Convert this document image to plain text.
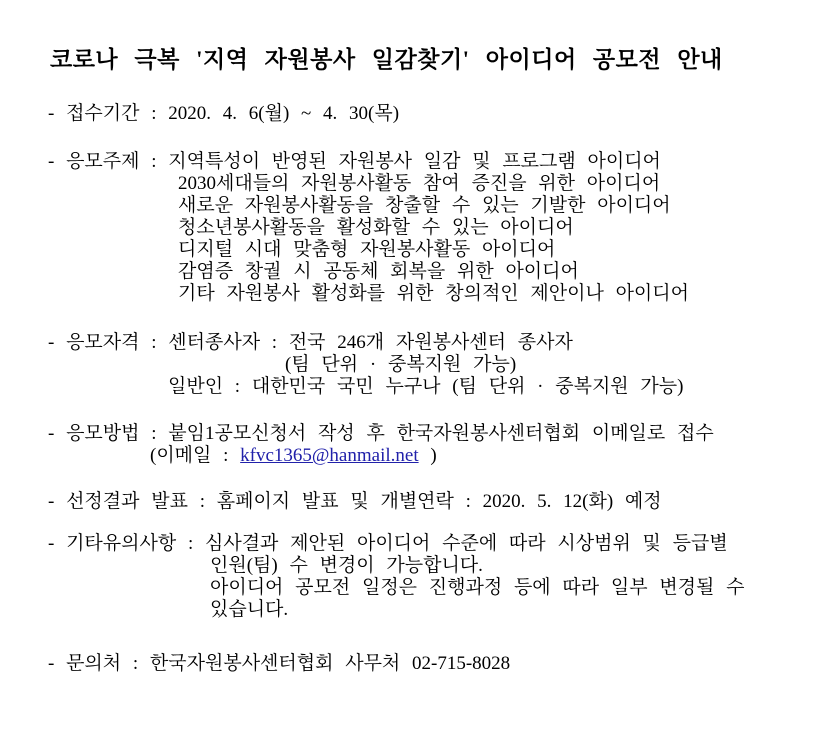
코로나 극복 '지역 자원봉사 일감찾기' 아이디어 공모전 안내
- 접수기간 : 2020. 4. 6(월) ~ 4. 30(목)
- 응모주제 : 지역특성이 반영된 자원봉사 일감 및 프로그램 아이디어
2030세대들의 자원봉사활동 참여 증진을 위한 아이디어
새로운 자원봉사활동을 창출할 수 있는 기발한 아이디어
청소년봉사활동을 활성화할 수 있는 아이디어
디지털 시대 맞춤형 자원봉사활동 아이디어
감염증 창궐 시 공동체 회복을 위한 아이디어
기타 자원봉사 활성화를 위한 창의적인 제안이나 아이디어
- 응모자격 : 센터종사자 : 전국 246개 자원봉사센터 종사자
(팀 단위 · 중복지원 가능)
일반인 : 대한민국 국민 누구나 (팀 단위 · 중복지원 가능)
- 응모방법 : 붙임1공모신청서 작성 후 한국자원봉사센터협회 이메일로 접수
(이메일 : kfvc1365@hanmail.net )
- 선정결과 발표 : 홈페이지 발표 및 개별연락 : 2020. 5. 12(화) 예정
- 기타유의사항 : 심사결과 제안된 아이디어 수준에 따라 시상범위 및 등급별
인원(팀) 수 변경이 가능합니다.
아이디어 공모전 일정은 진행과정 등에 따라 일부 변경될 수
있습니다.
- 문의처 : 한국자원봉사센터협회 사무처 02-715-8028
